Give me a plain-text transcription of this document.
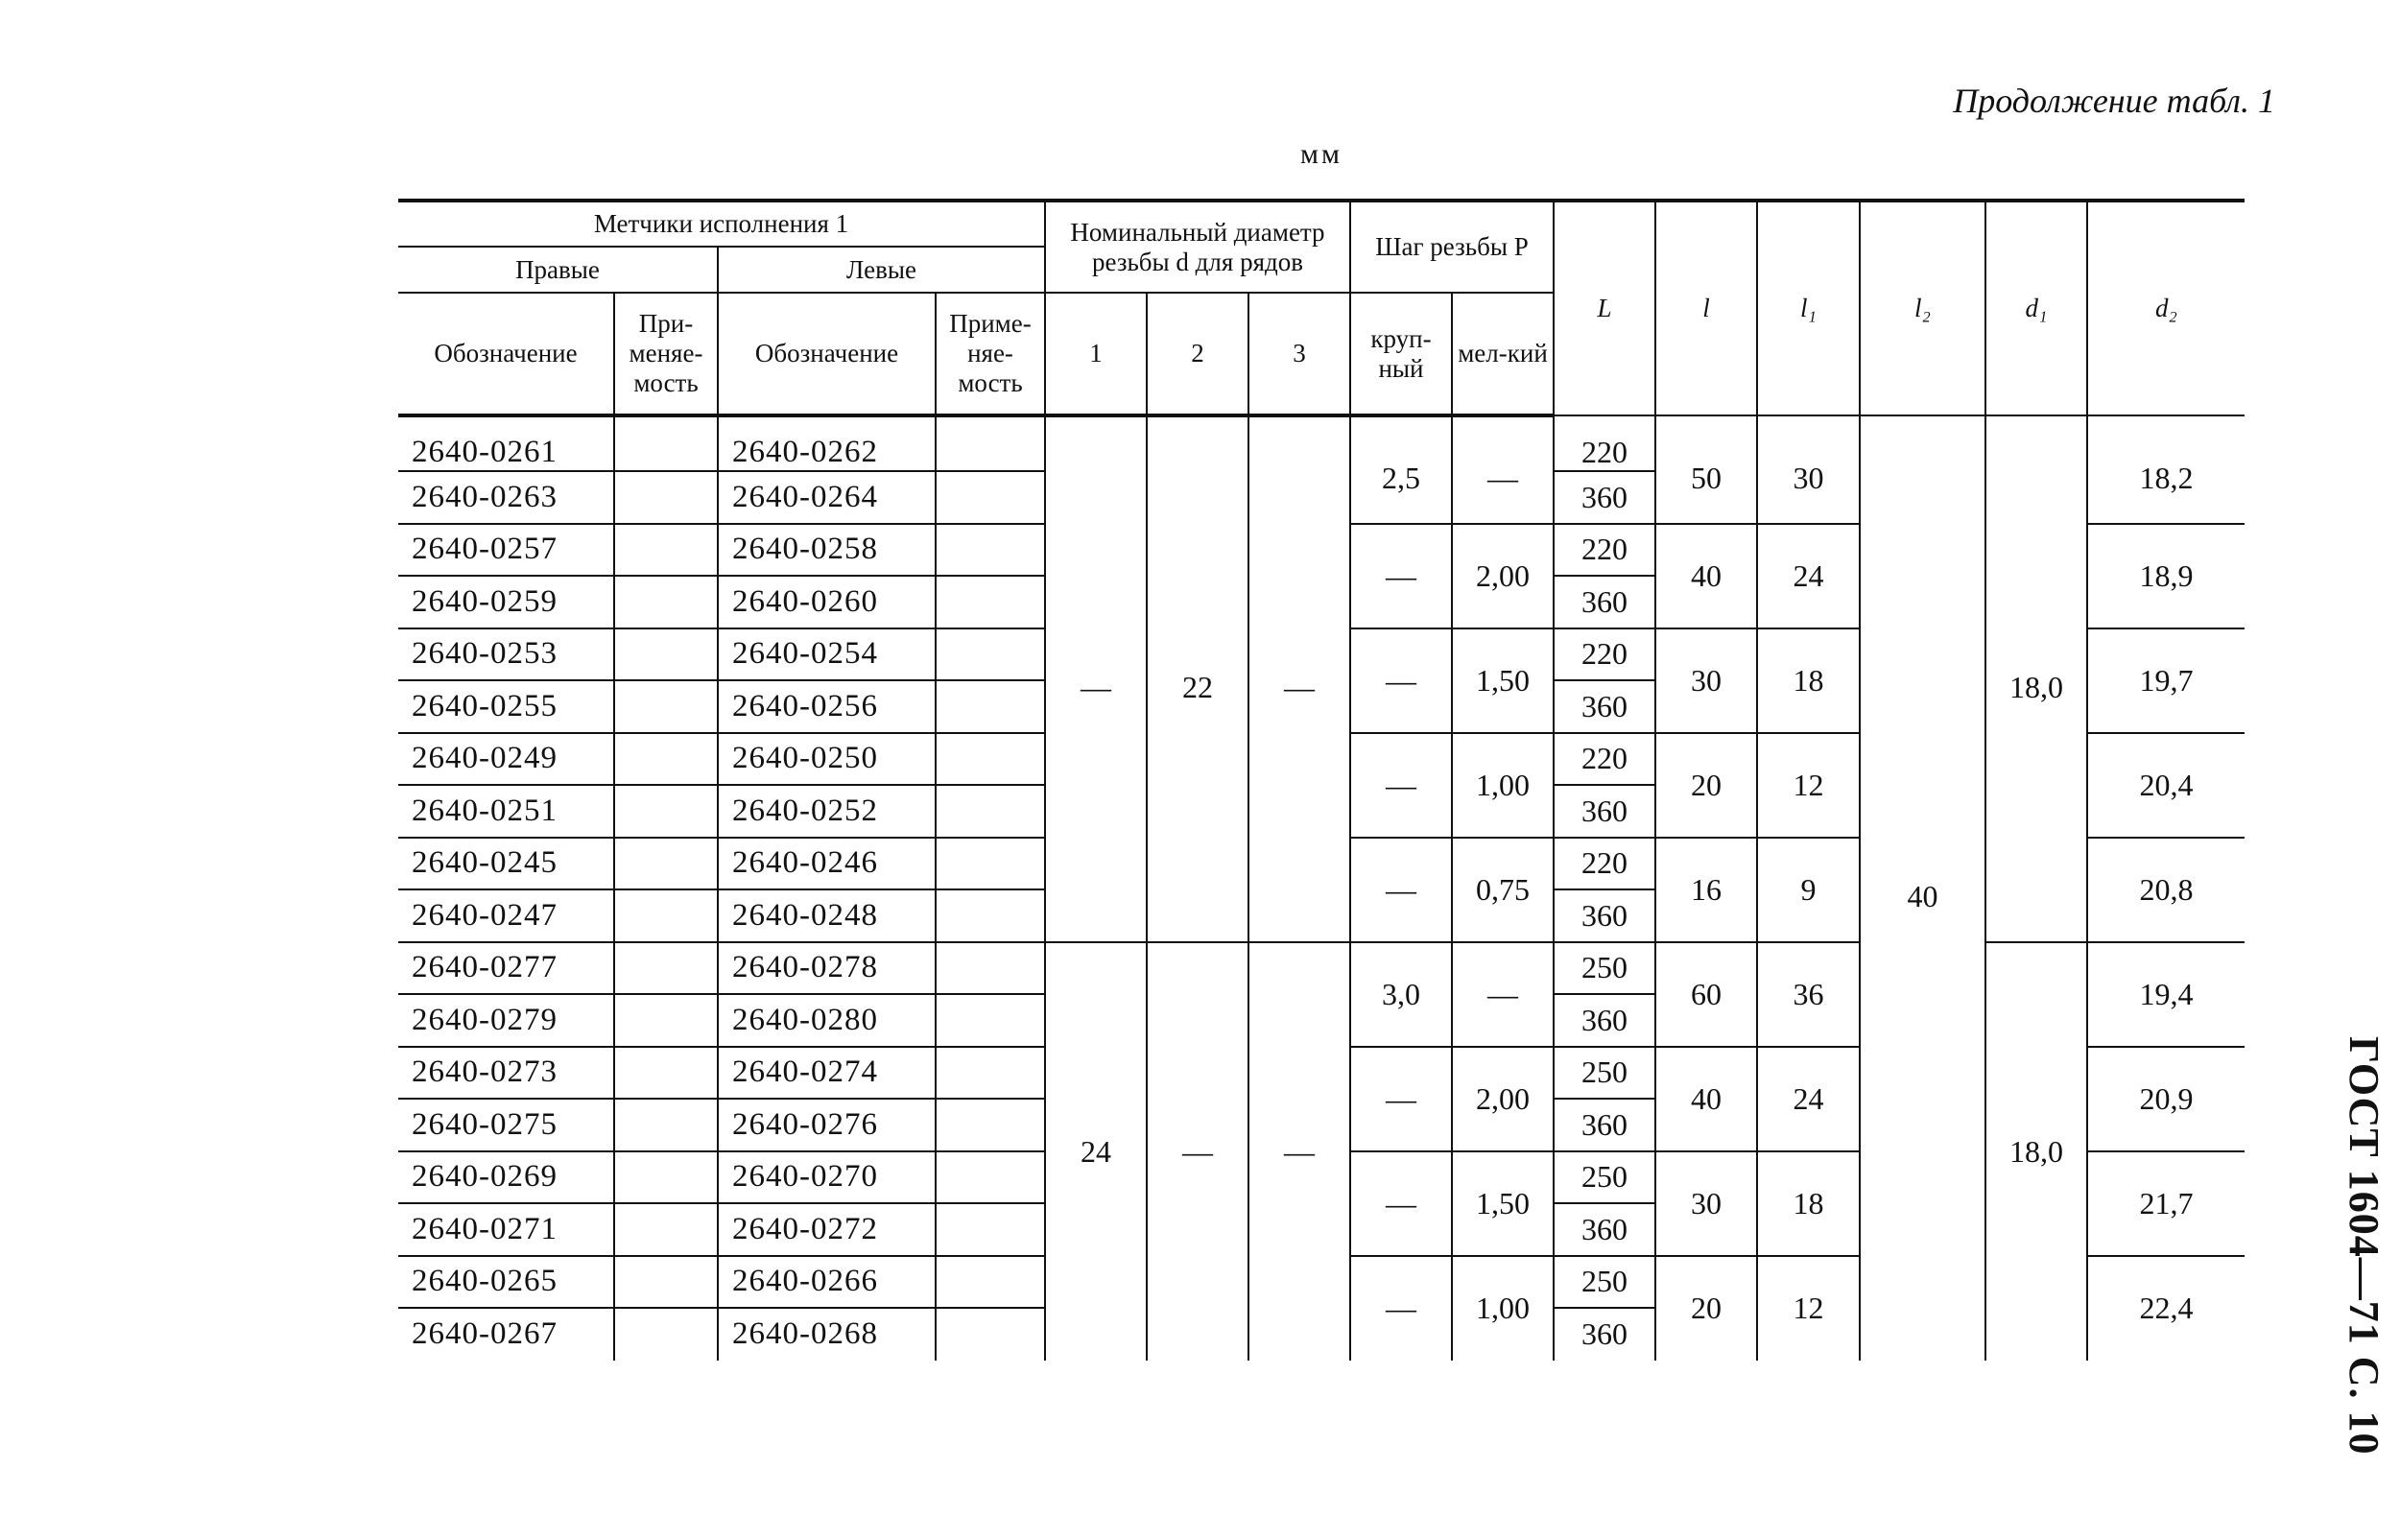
Продолжение табл. 1
мм
ГОСТ 1604—71 С. 10
Метчики исполнения 1				Номинальный диаметр резьбы d для рядов			Шаг резьбы P		L	l	l₁	l₂	d₁	d₂
Правые		Левые												
Обозначение	При-меняе-мость	Обозначение	Приме-няе-мость	1	2	3	круп-ный	мел-кий						
2640-0261		2640-0262		—	22	—	2,5	—	220	50	30	40	18,0	18,2
2640-0263		2640-0264							360					
2640-0257		2640-0258					—	2,00	220	40	24			18,9
2640-0259		2640-0260							360					
2640-0253		2640-0254					—	1,50	220	30	18			19,7
2640-0255		2640-0256							360					
2640-0249		2640-0250					—	1,00	220	20	12			20,4
2640-0251		2640-0252							360					
2640-0245		2640-0246					—	0,75	220	16	9			20,8
2640-0247		2640-0248							360					
2640-0277		2640-0278		24	—	—	3,0	—	250	60	36		18,0	19,4
2640-0279		2640-0280							360					
2640-0273		2640-0274					—	2,00	250	40	24			20,9
2640-0275		2640-0276							360					
2640-0269		2640-0270					—	1,50	250	30	18			21,7
2640-0271		2640-0272							360					
2640-0265		2640-0266					—	1,00	250	20	12			22,4
2640-0267		2640-0268							360					
